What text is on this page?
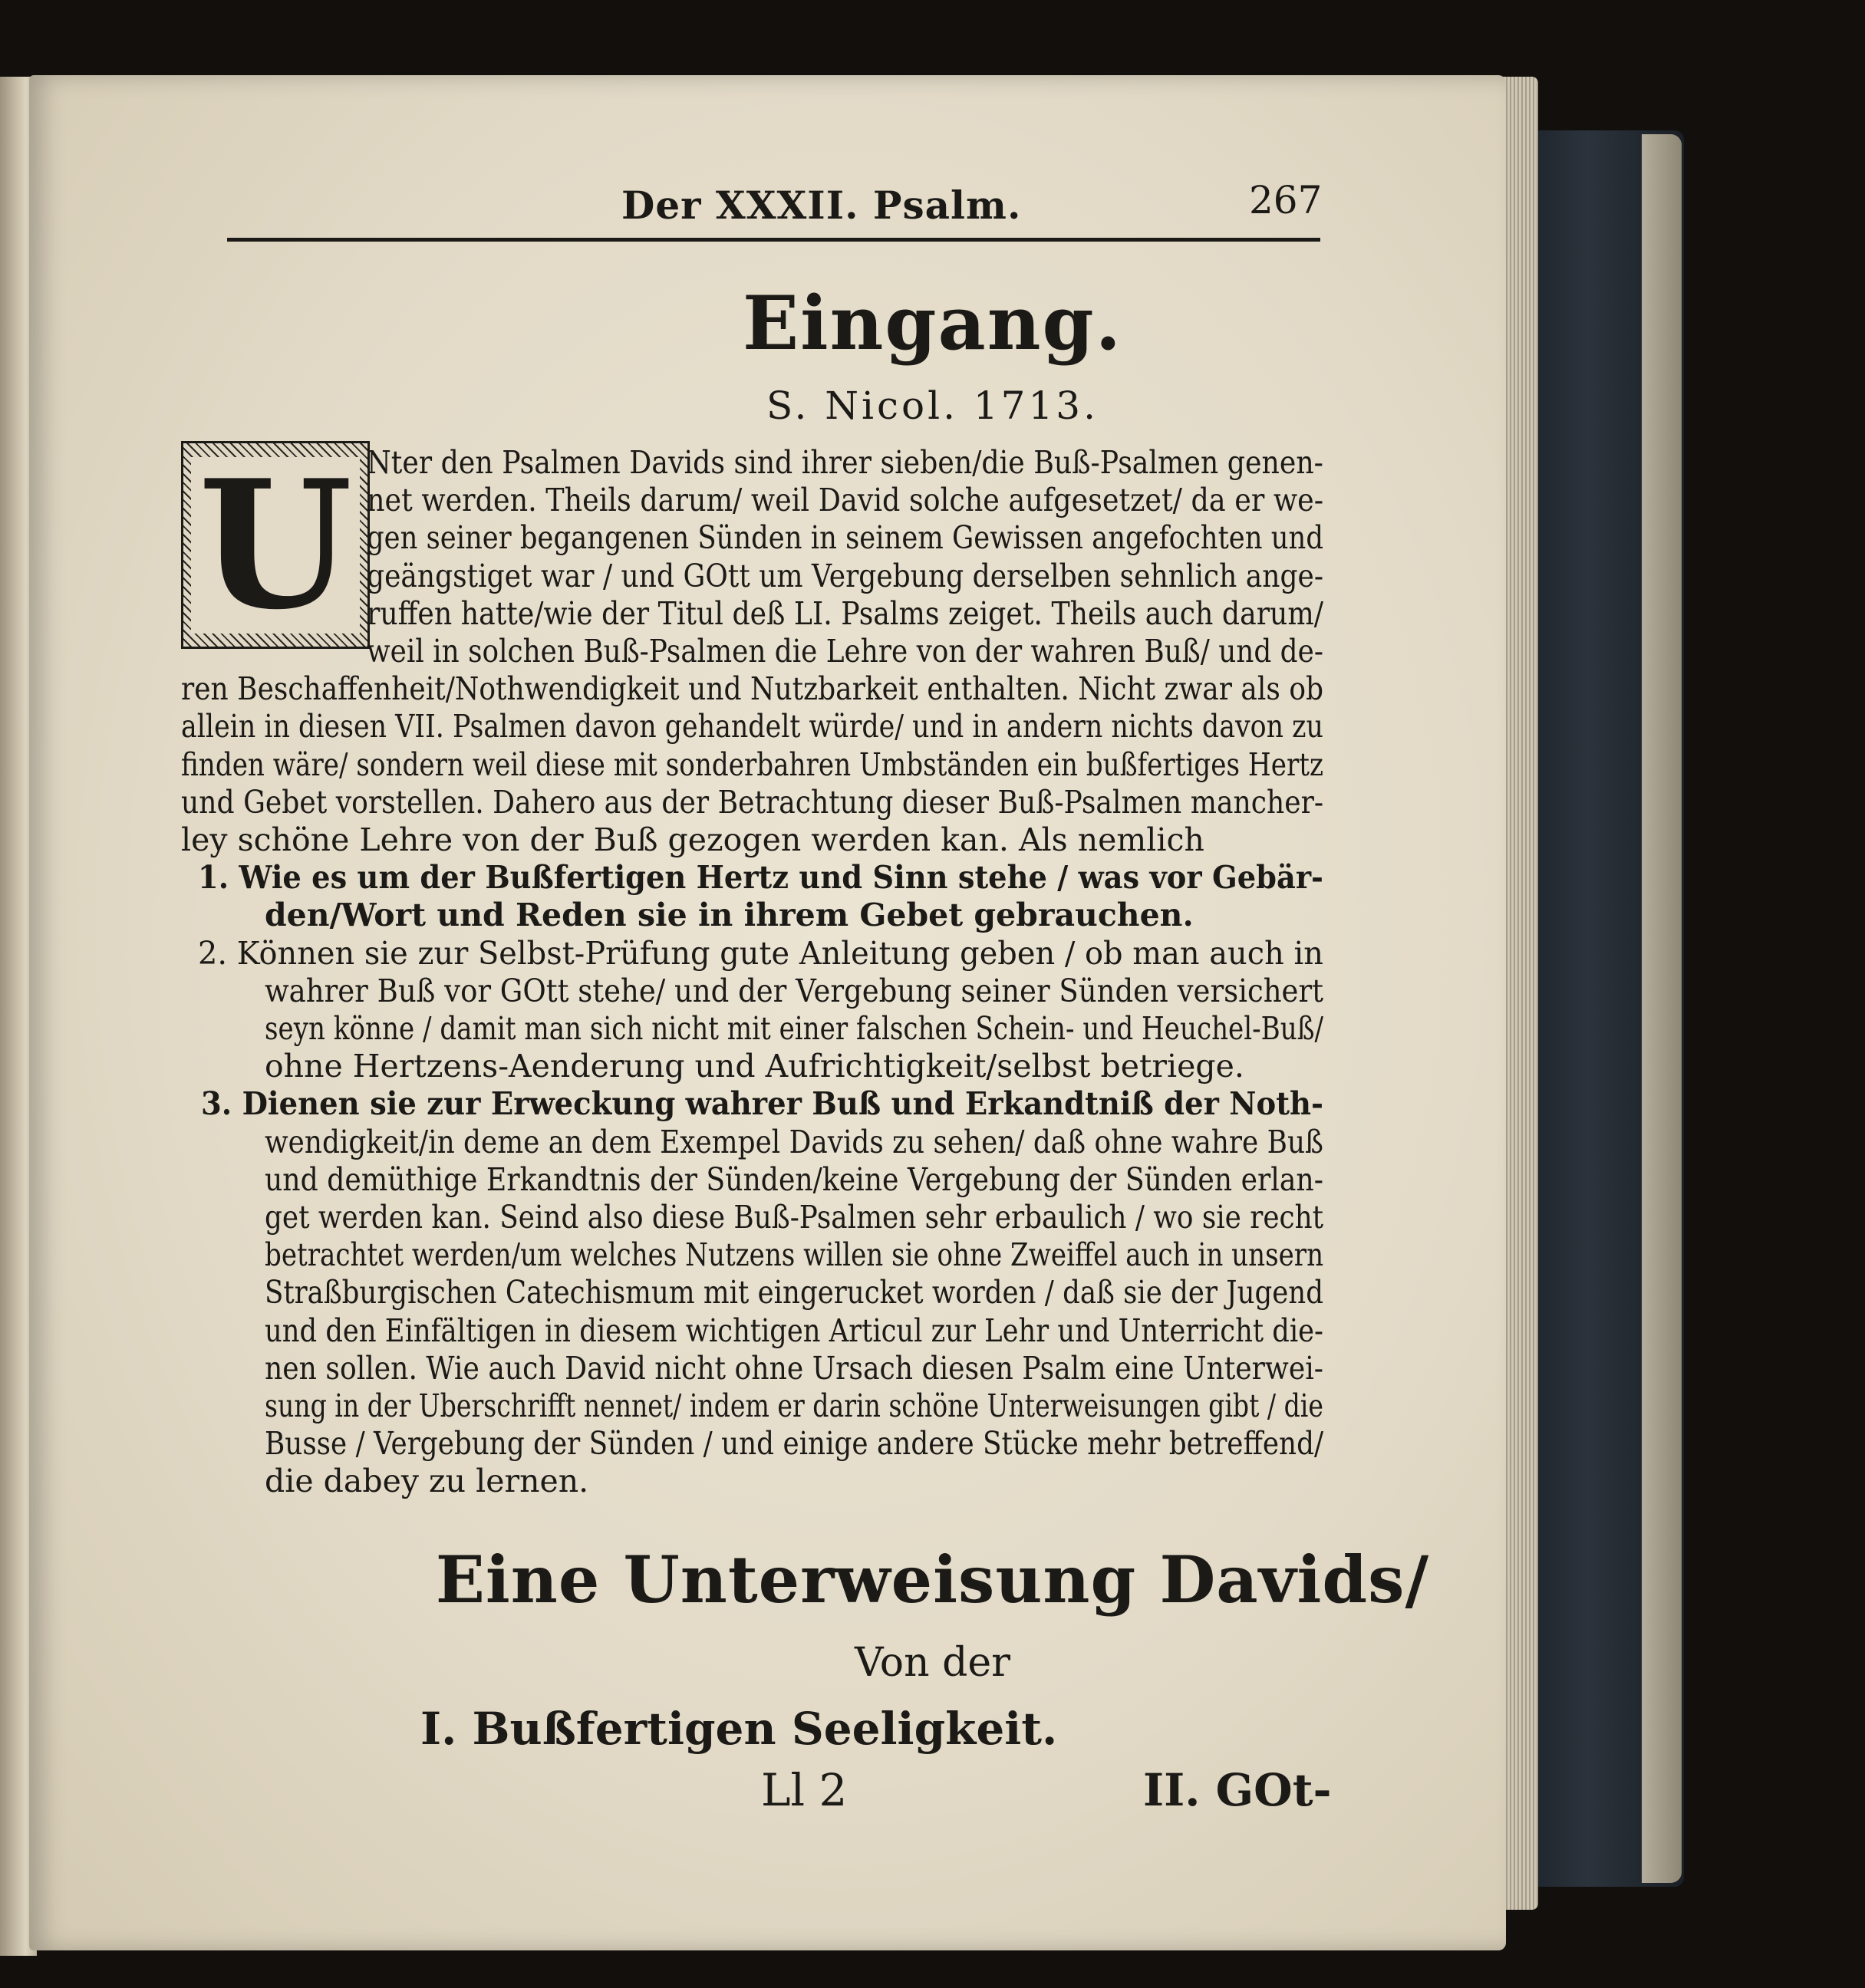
Der XXXII. Psalm.	267
Eingang.
S. Nicol. 1713.
U Nter den Psalmen Davids sind ihrer sieben/die Buß-Psalmen genen-
net werden. Theils darum/ weil David solche aufgesetzet/ da er we-
gen seiner begangenen Sünden in seinem Gewissen angefochten und
geängstiget war / und GOtt um Vergebung derselben sehnlich ange-
ruffen hatte/wie der Titul deß LI. Psalms zeiget. Theils auch darum/
weil in solchen Buß-Psalmen die Lehre von der wahren Buß/ und de-
ren Beschaffenheit/Nothwendigkeit und Nutzbarkeit enthalten. Nicht zwar als ob
allein in diesen VII. Psalmen davon gehandelt würde/ und in andern nichts davon zu
finden wäre/ sondern weil diese mit sonderbahren Umbständen ein bußfertiges Hertz
und Gebet vorstellen. Dahero aus der Betrachtung dieser Buß-Psalmen mancher-
ley schöne Lehre von der Buß gezogen werden kan. Als nemlich
1. Wie es um der Bußfertigen Hertz und Sinn stehe / was vor Gebär-
den/Wort und Reden sie in ihrem Gebet gebrauchen.
2. Können sie zur Selbst-Prüfung gute Anleitung geben / ob man auch in
wahrer Buß vor GOtt stehe/ und der Vergebung seiner Sünden versichert
seyn könne / damit man sich nicht mit einer falschen Schein- und Heuchel-Buß/
ohne Hertzens-Aenderung und Aufrichtigkeit/selbst betriege.
3. Dienen sie zur Erweckung wahrer Buß und Erkandtniß der Noth-
wendigkeit/in deme an dem Exempel Davids zu sehen/ daß ohne wahre Buß
und demüthige Erkandtnis der Sünden/keine Vergebung der Sünden erlan-
get werden kan. Seind also diese Buß-Psalmen sehr erbaulich / wo sie recht
betrachtet werden/um welches Nutzens willen sie ohne Zweiffel auch in unsern
Straßburgischen Catechismum mit eingerucket worden / daß sie der Jugend
und den Einfältigen in diesem wichtigen Articul zur Lehr und Unterricht die-
nen sollen. Wie auch David nicht ohne Ursach diesen Psalm eine Unterwei-
sung in der Uberschrifft nennet/ indem er darin schöne Unterweisungen gibt / die
Busse / Vergebung der Sünden / und einige andere Stücke mehr betreffend/
die dabey zu lernen.
Eine Unterweisung Davids/
Von der
I. Bußfertigen Seeligkeit.
Ll 2	II. GOt-
